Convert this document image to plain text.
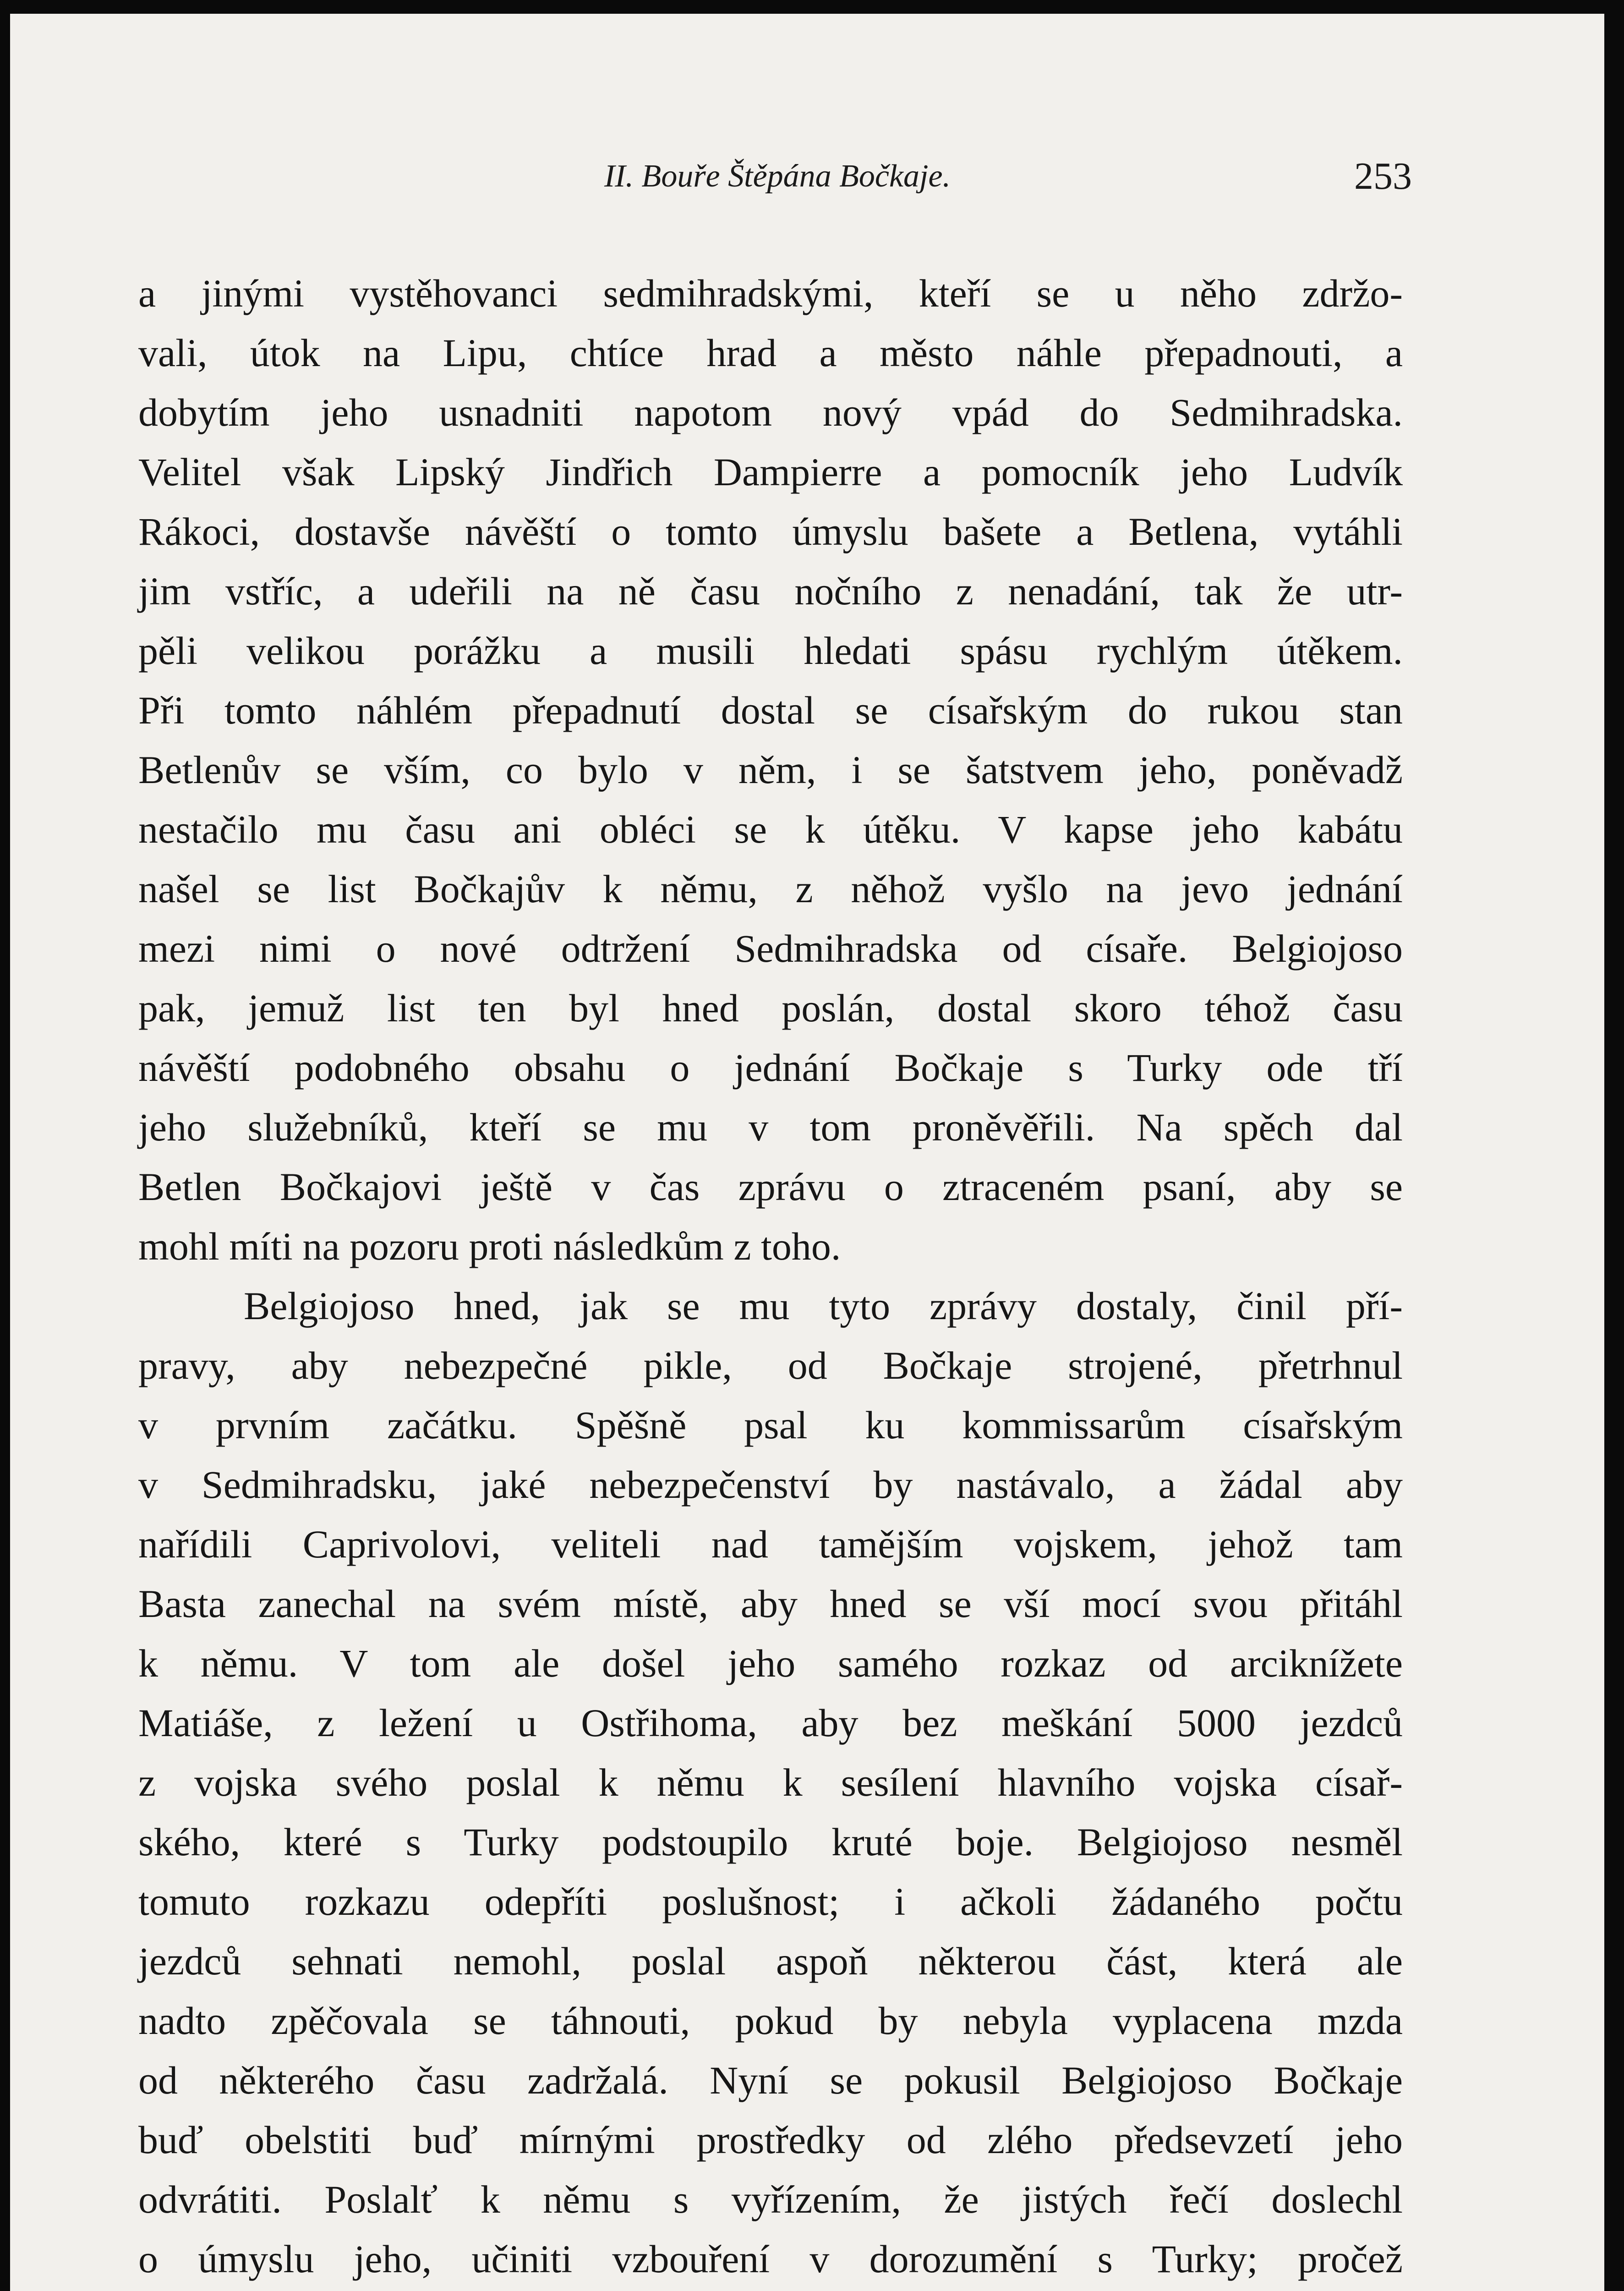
II. Bouře Štěpána Bočkaje.	253
a jinými vystěhovanci sedmihradskými, kteří se u něho zdržo-
vali, útok na Lipu, chtíce hrad a město náhle přepadnouti, a
dobytím jeho usnadniti napotom nový vpád do Sedmihradska.
Velitel však Lipský Jindřich Dampierre a pomocník jeho Ludvík
Rákoci, dostavše návěští o tomto úmyslu bašete a Betlena, vytáhli
jim vstříc, a udeřili na ně času nočního z nenadání, tak že utr-
pěli velikou porážku a musili hledati spásu rychlým útěkem.
Při tomto náhlém přepadnutí dostal se císařským do rukou stan
Betlenův se vším, co bylo v něm, i se šatstvem jeho, poněvadž
nestačilo mu času ani obléci se k útěku. V kapse jeho kabátu
našel se list Bočkajův k němu, z něhož vyšlo na jevo jednání
mezi nimi o nové odtržení Sedmihradska od císaře. Belgiojoso
pak, jemuž list ten byl hned poslán, dostal skoro téhož času
návěští podobného obsahu o jednání Bočkaje s Turky ode tří
jeho služebníků, kteří se mu v tom proněvěřili. Na spěch dal
Betlen Bočkajovi ještě v čas zprávu o ztraceném psaní, aby se
mohl míti na pozoru proti následkům z toho.
Belgiojoso hned, jak se mu tyto zprávy dostaly, činil pří-
pravy, aby nebezpečné pikle, od Bočkaje strojené, přetrhnul
v prvním začátku. Spěšně psal ku kommissarům císařským
v Sedmihradsku, jaké nebezpečenství by nastávalo, a žádal aby
nařídili Caprivolovi, veliteli nad tamějším vojskem, jehož tam
Basta zanechal na svém místě, aby hned se vší mocí svou přitáhl
k němu. V tom ale došel jeho samého rozkaz od arciknížete
Matiáše, z ležení u Ostřihoma, aby bez meškání 5000 jezdců
z vojska svého poslal k němu k sesílení hlavního vojska císař-
ského, které s Turky podstoupilo kruté boje. Belgiojoso nesměl
tomuto rozkazu odepříti poslušnost; i ačkoli žádaného počtu
jezdců sehnati nemohl, poslal aspoň některou část, která ale
nadto zpěčovala se táhnouti, pokud by nebyla vyplacena mzda
od některého času zadržalá. Nyní se pokusil Belgiojoso Bočkaje
buď obelstiti buď mírnými prostředky od zlého předsevzetí jeho
odvrátiti. Poslalť k němu s vyřízením, že jistých řečí doslechl
o úmyslu jeho, učiniti vzbouření v dorozumění s Turky; pročež
